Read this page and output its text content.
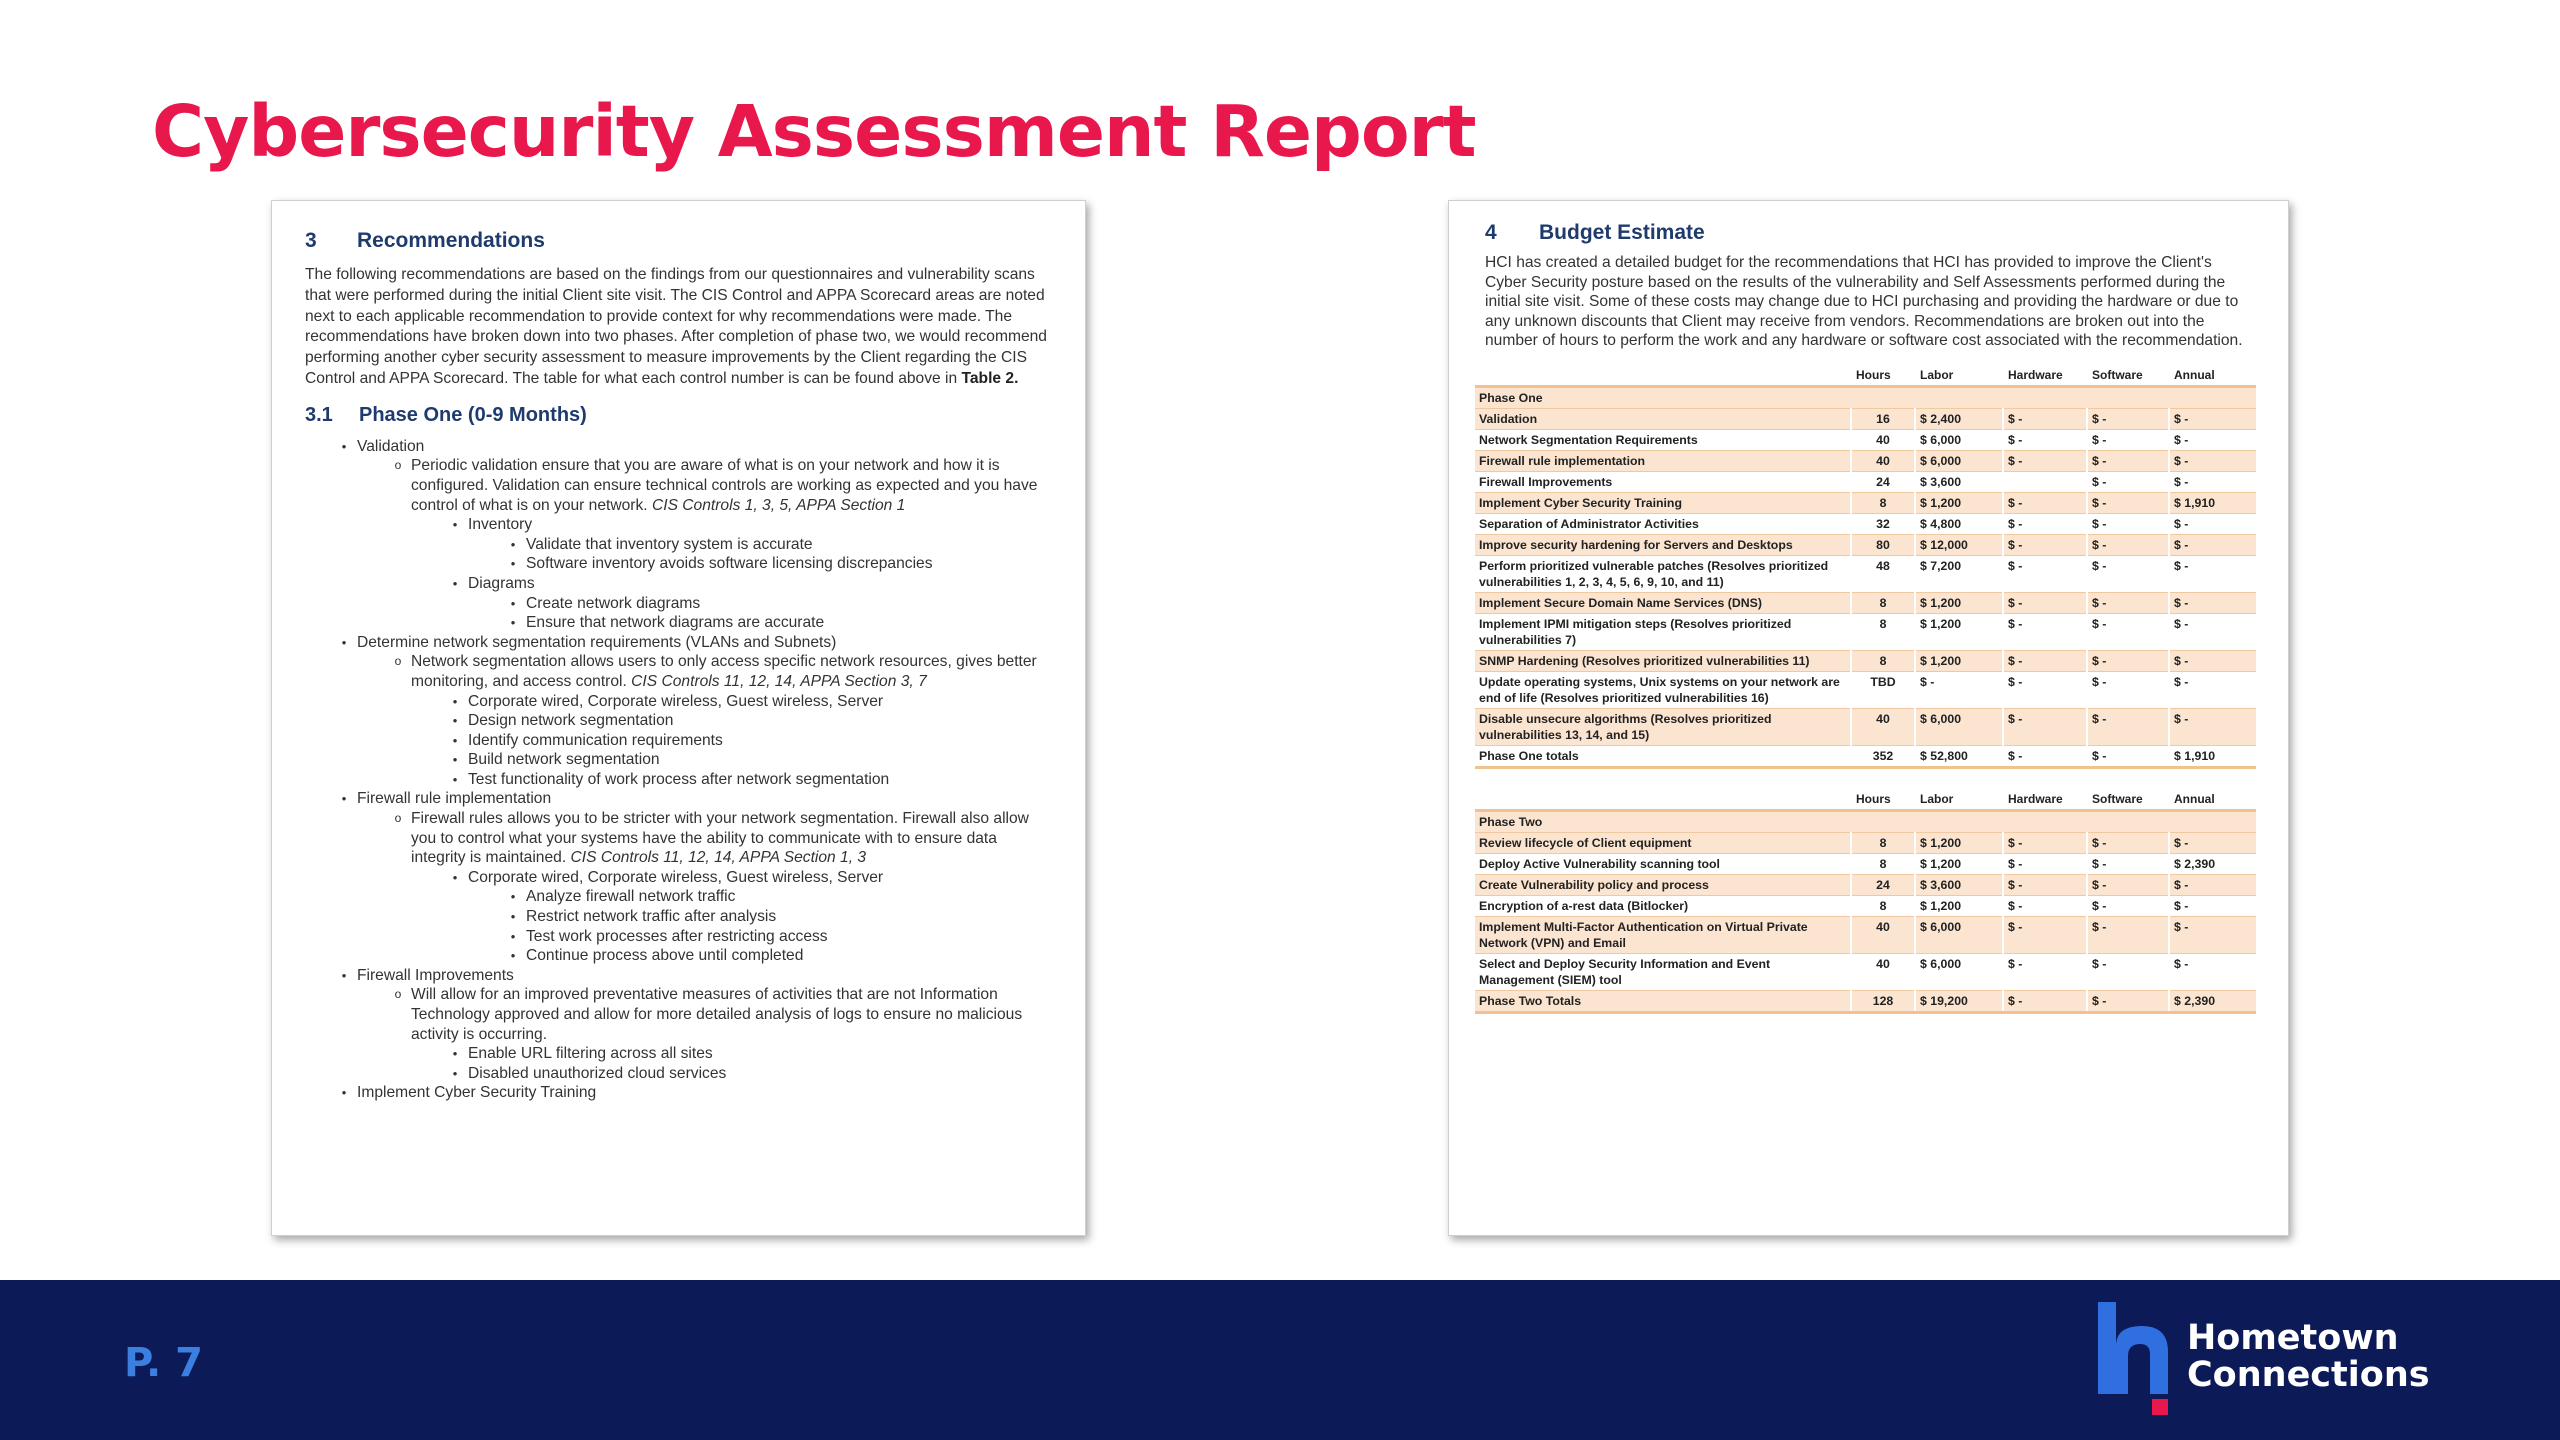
Cybersecurity Assessment Report
3 Recommendations

The following recommendations are based on the findings from our questionnaires and vulnerability scans that were performed during the initial Client site visit. The CIS Control and APPA Scorecard areas are noted next to each applicable recommendation to provide context for why recommendations were made. The recommendations have broken down into two phases. After completion of phase two, we would recommend performing another cyber security assessment to measure improvements by the Client regarding the CIS Control and APPA Scorecard. The table for what each control number is can be found above in Table 2.

3.1 Phase One (0-9 Months)
• Validation
o Periodic validation ensure that you are aware of what is on your network and how it is configured. Validation can ensure technical controls are working as expected and you have control of what is on your network. CIS Controls 1, 3, 5, APPA Section 1
• Inventory
• Validate that inventory system is accurate
• Software inventory avoids software licensing discrepancies
• Diagrams
• Create network diagrams
• Ensure that network diagrams are accurate
• Determine network segmentation requirements (VLANs and Subnets)
o Network segmentation allows users to only access specific network resources, gives better monitoring, and access control. CIS Controls 11, 12, 14, APPA Section 3, 7
• Corporate wired, Corporate wireless, Guest wireless, Server
• Design network segmentation
• Identify communication requirements
• Build network segmentation
• Test functionality of work process after network segmentation
• Firewall rule implementation
o Firewall rules allows you to be stricter with your network segmentation. Firewall also allow you to control what your systems have the ability to communicate with to ensure data integrity is maintained. CIS Controls 11, 12, 14, APPA Section 1, 3
• Corporate wired, Corporate wireless, Guest wireless, Server
• Analyze firewall network traffic
• Restrict network traffic after analysis
• Test work processes after restricting access
• Continue process above until completed
• Firewall Improvements
o Will allow for an improved preventative measures of activities that are not Information Technology approved and allow for more detailed analysis of logs to ensure no malicious activity is occurring.
• Enable URL filtering across all sites
• Disabled unauthorized cloud services
• Implement Cyber Security Training
4 Budget Estimate

HCI has created a detailed budget for the recommendations that HCI has provided to improve the Client's Cyber Security posture based on the results of the vulnerability and Self Assessments performed during the initial site visit. Some of these costs may change due to HCI purchasing and providing the hardware or due to any unknown discounts that Client may receive from vendors. Recommendations are broken out into the number of hours to perform the work and any hardware or software cost associated with the recommendation.

	Hours	Labor	Hardware	Software	Annual
Phase One					
Validation	16	$ 2,400	$ -	$ -	$ -
Network Segmentation Requirements	40	$ 6,000	$ -	$ -	$ -
Firewall rule implementation	40	$ 6,000	$ -	$ -	$ -
Firewall Improvements	24	$ 3,600		$ -	$ -
Implement Cyber Security Training	8	$ 1,200	$ -	$ -	$ 1,910
Separation of Administrator Activities	32	$ 4,800	$ -	$ -	$ -
Improve security hardening for Servers and Desktops	80	$ 12,000	$ -	$ -	$ -
Perform prioritized vulnerable patches (Resolves prioritized vulnerabilities 1, 2, 3, 4, 5, 6, 9, 10, and 11)	48	$ 7,200	$ -	$ -	$ -
Implement Secure Domain Name Services (DNS)	8	$ 1,200	$ -	$ -	$ -
Implement IPMI mitigation steps (Resolves prioritized vulnerabilities 7)	8	$ 1,200	$ -	$ -	$ -
SNMP Hardening (Resolves prioritized vulnerabilities 11)	8	$ 1,200	$ -	$ -	$ -
Update operating systems, Unix systems on your network are end of life (Resolves prioritized vulnerabilities 16)	TBD	$ -	$ -	$ -	$ -
Disable unsecure algorithms (Resolves prioritized vulnerabilities 13, 14, and 15)	40	$ 6,000	$ -	$ -	$ -
Phase One totals	352	$ 52,800	$ -	$ -	$ 1,910
	Hours	Labor	Hardware	Software	Annual
Phase Two					
Review lifecycle of Client equipment	8	$ 1,200	$ -	$ -	$ -
Deploy Active Vulnerability scanning tool	8	$ 1,200	$ -	$ -	$ 2,390
Create Vulnerability policy and process	24	$ 3,600	$ -	$ -	$ -
Encryption of a-rest data (Bitlocker)	8	$ 1,200	$ -	$ -	$ -
Implement Multi-Factor Authentication on Virtual Private Network (VPN) and Email	40	$ 6,000	$ -	$ -	$ -
Select and Deploy Security Information and Event Management (SIEM) tool	40	$ 6,000	$ -	$ -	$ -
Phase Two Totals	128	$ 19,200	$ -	$ -	$ 2,390
P. 7
Hometown
Connections
